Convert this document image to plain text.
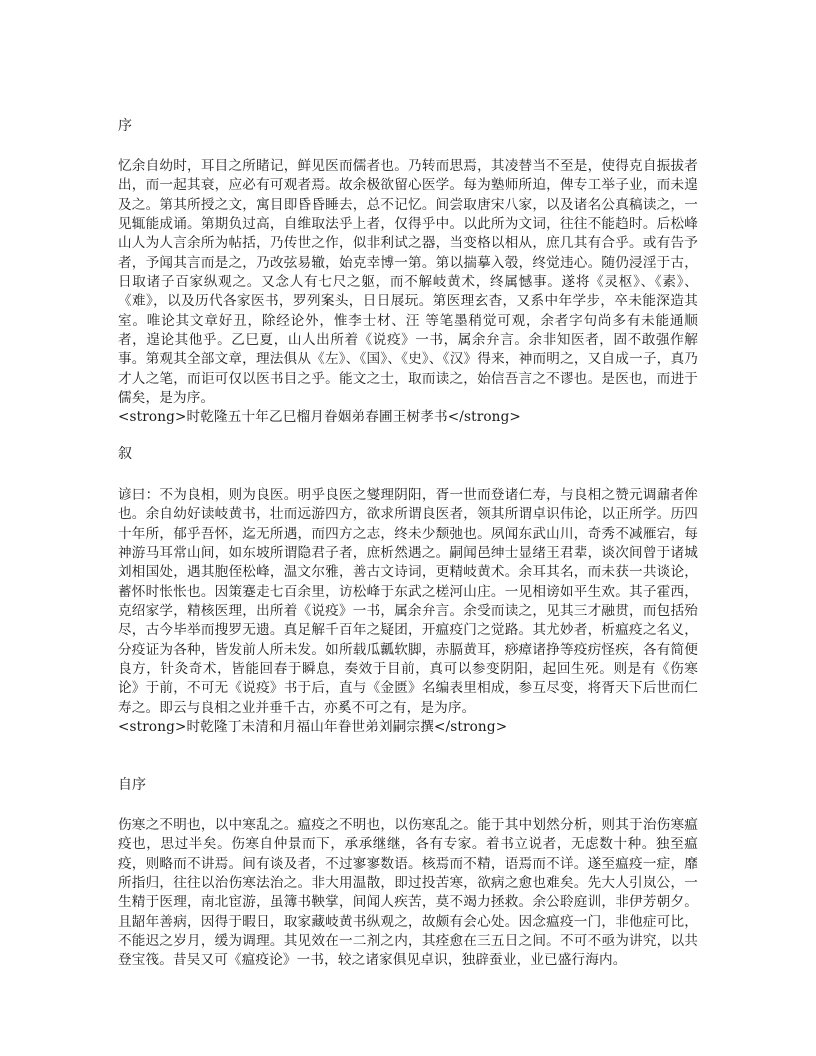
序
忆余自幼时，耳目之所睹记，鲜见医而儒者也。乃转而思焉，其凌替当不至是，使得克自振拔者出，而一起其衰，应必有可观者焉。故余极欲留心医学。每为塾师所迫，俾专工举子业，而未遑及之。第其所授之文，寓目即昏昏睡去，总不记忆。间尝取唐宋八家，以及诸名公真稿读之，一见辄能成诵。第期负过高，自维取法乎上者，仅得乎中。以此所为文词，往往不能趋时。后松峰山人为人言余所为帖括，乃传世之作，似非利试之器，当变格以相从，庶几其有合乎。或有告予者，予闻其言而是之，乃改弦易辙，始克幸博一第。第以揣摹入彀，终觉违心。随仍浸淫于古，日取诸子百家纵观之。又念人有七尺之躯，而不解岐黄术，终属憾事。遂将《灵枢》、《素》、《难》，以及历代各家医书，罗列案头，日日展玩。第医理玄杳，又系中年学步，卒未能深造其室。唯论其文章好丑，除经论外，惟李士材、汪 等笔墨稍觉可观，余者字句尚多有未能通顺者，遑论其他乎。乙巳夏，山人出所着《说疫》一书，属余弁言。余非知医者，固不敢强作解事。第观其全部文章，理法俱从《左》、《国》、《史》、《汉》得来，神而明之，又自成一子，真乃才人之笔，而讵可仅以医书目之乎。能文之士，取而读之，始信吾言之不谬也。是医也，而进于儒矣，是为序。
<strong>时乾隆五十年乙巳榴月眷姻弟春圃王树孝书</strong>
叙
谚曰：不为良相，则为良医。明乎良医之燮理阴阳，胥一世而登诸仁寿，与良相之赞元调鼐者侔也。余自幼好读岐黄书，壮而远游四方，欲求所谓良医者，领其所谓卓识伟论，以正所学。历四十年所，郁乎吾怀，迄无所遇，而四方之志，终未少颓弛也。夙闻东武山川，奇秀不减雁宕，每神游马耳常山间，如东坡所谓隐君子者，庶析然遇之。嗣闻邑绅士显绪王君辈，谈次间曾于诸城刘相国处，遇其胞侄松峰，温文尔雅，善古文诗词，更精岐黄术。余耳其名，而未获一共谈论，蓄怀时怅怅也。因策蹇走七百余里，访松峰于东武之槎河山庄。一见相谤如平生欢。其子霍西，克绍家学，精核医理，出所着《说疫》一书，属余弁言。余受而读之，见其三才融贯，而包括殆尽，古今毕举而搜罗无遗。真足解千百年之疑团，开瘟疫门之觉路。其尤妙者，析瘟疫之名义，分疫证为各种，皆发前人所未发。如所载瓜瓤软脚，赤膈黄耳，痧瘴诸挣等疫疠怪疾，各有简便良方，针灸奇术，皆能回春于瞬息，奏效于目前，真可以参变阴阳，起回生死。则是有《伤寒论》于前，不可无《说疫》书于后，直与《金匮》名编表里相成，参互尽变，将胥天下后世而仁寿之。即云与良相之业并垂千古，亦奚不可之有，是为序。
<strong>时乾隆丁未清和月福山年眷世弟刘嗣宗撰</strong>
自序
伤寒之不明也，以中寒乱之。瘟疫之不明也，以伤寒乱之。能于其中划然分析，则其于治伤寒瘟疫也，思过半矣。伤寒自仲景而下，承承继继，各有专家。着书立说者，无虑数十种。独至瘟疫，则略而不讲焉。间有谈及者，不过寥寥数语。核焉而不精，语焉而不详。遂至瘟疫一症，靡所指归，往往以治伤寒法治之。非大用温散，即过投苦寒，欲病之愈也难矣。先大人引岚公，一生精于医理，南北宦游，虽簿书鞅掌，间闻人疾苦，莫不竭力拯救。余公聆庭训，非伊芳朝夕。且龆年善病，因得于暇日，取家藏岐黄书纵观之，故颇有会心处。因念瘟疫一门，非他症可比，不能迟之岁月，缓为调理。其见效在一二剂之内，其痊愈在三五日之间。不可不亟为讲究，以共登宝筏。昔吴又可《瘟疫论》一书，较之诸家俱见卓识，独辟蚕业，业已盛行海内。
